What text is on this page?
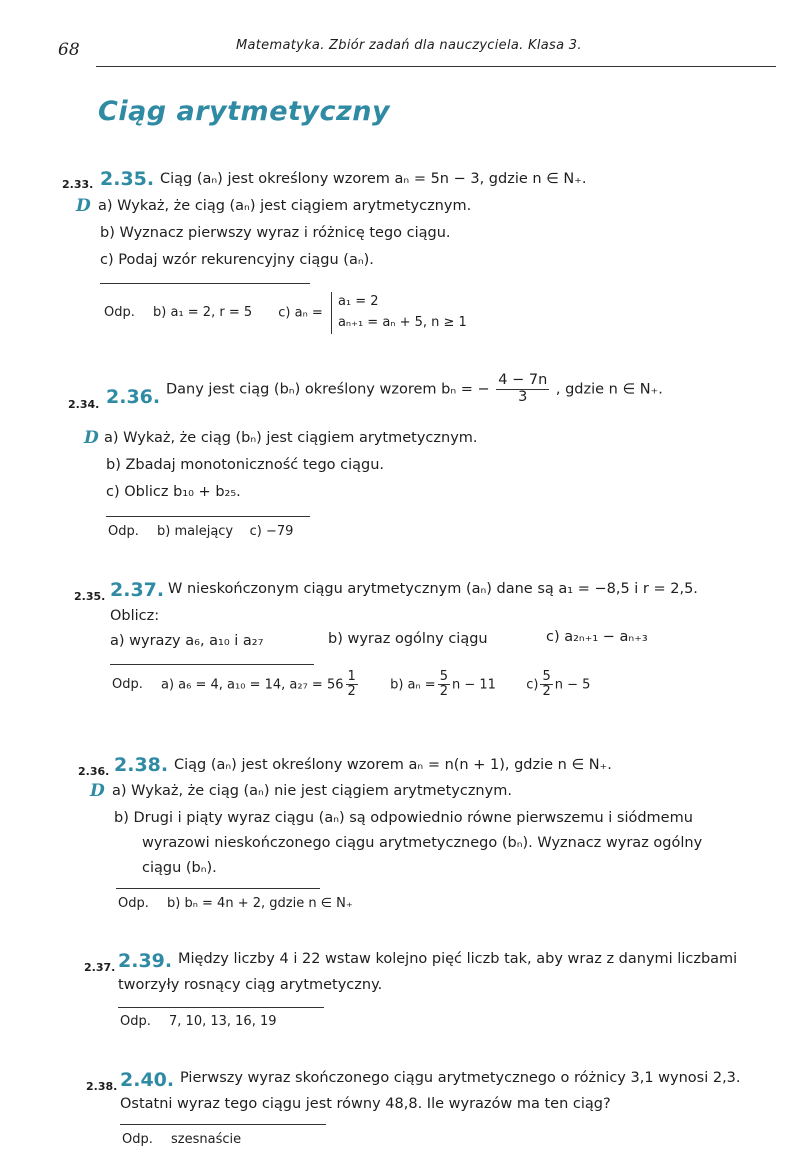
68	Matematyka. Zbiór zadań dla nauczyciela. Klasa 3.
Ciąg arytmetyczny
2.33. 2.35. Ciąg (aₙ) jest określony wzorem aₙ = 5n − 3, gdzie n ∈ N₊.
D a) Wykaż, że ciąg (aₙ) jest ciągiem arytmetycznym.
b) Wyznacz pierwszy wyraz i różnicę tego ciągu.
c) Podaj wzór rekurencyjny ciągu (aₙ).
Odp. b) a₁ = 2, r = 5 c) aₙ =
a₁ = 2
aₙ₊₁ = aₙ + 5, n ≥ 1
2.34. 2.36. Dany jest ciąg (bₙ) określony wzorem bₙ = − $\frac{4 - 7n}{3}$ , gdzie n ∈ N₊.
D a) Wykaż, że ciąg (bₙ) jest ciągiem arytmetycznym.
b) Zbadaj monotoniczność tego ciągu.
c) Oblicz b₁₀ + b₂₅.
Odp. b) malejący    c) −79
2.35. 2.37. W nieskończonym ciągu arytmetycznym (aₙ) dane są a₁ = −8,5 i r = 2,5.
Oblicz:
a) wyrazy a₆, a₁₀ i a₂₇	b) wyraz ogólny ciągu	c) a₂ₙ₊₁ − aₙ₊₃
Odp. a) a₆ = 4, a₁₀ = 14, $a_{27} = 56 \frac{1}{2} b$) $a_n = \frac{5}{2}$ n − 11 $c) \frac{5}{2}$ n − 5
2.36. 2.38. Ciąg (aₙ) jest określony wzorem aₙ = n(n + 1), gdzie n ∈ N₊.
D a) Wykaż, że ciąg (aₙ) nie jest ciągiem arytmetycznym.
b) Drugi i piąty wyraz ciągu (aₙ) są odpowiednio równe pierwszemu i siódmemu
wyrazowi nieskończonego ciągu arytmetycznego (bₙ). Wyznacz wyraz ogólny
ciągu (bₙ).
Odp. b) bₙ = 4n + 2, gdzie n ∈ N₊
2.37. 2.39. Między liczby 4 i 22 wstaw kolejno pięć liczb tak, aby wraz z danymi liczbami
tworzyły rosnący ciąg arytmetyczny.
Odp. 7, 10, 13, 16, 19
2.38. 2.40. Pierwszy wyraz skończonego ciągu arytmetycznego o różnicy 3,1 wynosi 2,3.
Ostatni wyraz tego ciągu jest równy 48,8. Ile wyrazów ma ten ciąg?
Odp. szesnaście
